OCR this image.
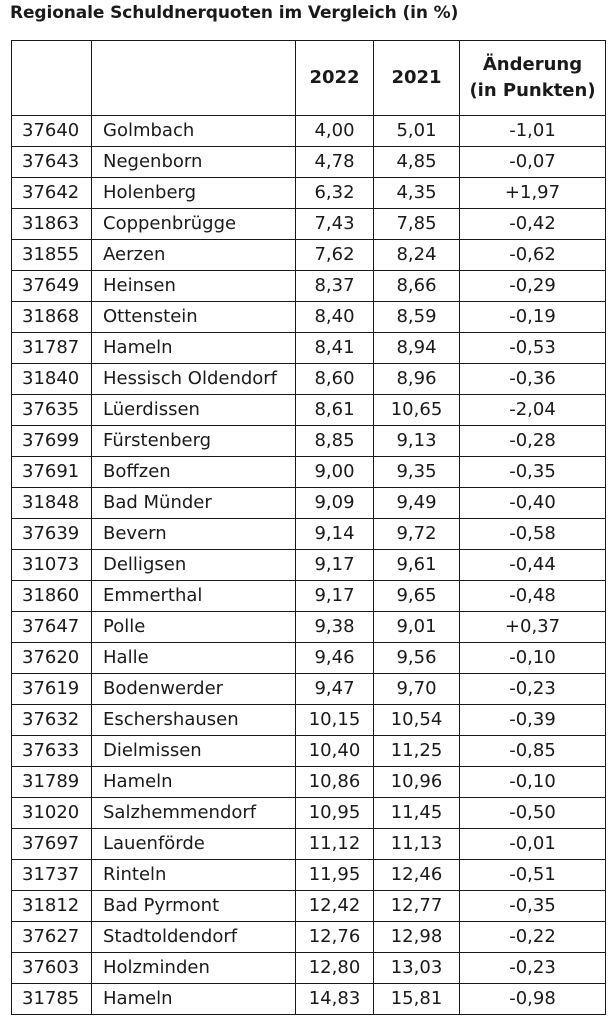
Regionale Schuldnerquoten im Vergleich (in %)
		2022	2021	Änderung
(in Punkten)
37640	Golmbach	4,00	5,01	-1,01
37643	Negenborn	4,78	4,85	-0,07
37642	Holenberg	6,32	4,35	+1,97
31863	Coppenbrügge	7,43	7,85	-0,42
31855	Aerzen	7,62	8,24	-0,62
37649	Heinsen	8,37	8,66	-0,29
31868	Ottenstein	8,40	8,59	-0,19
31787	Hameln	8,41	8,94	-0,53
31840	Hessisch Oldendorf	8,60	8,96	-0,36
37635	Lüerdissen	8,61	10,65	-2,04
37699	Fürstenberg	8,85	9,13	-0,28
37691	Boffzen	9,00	9,35	-0,35
31848	Bad Münder	9,09	9,49	-0,40
37639	Bevern	9,14	9,72	-0,58
31073	Delligsen	9,17	9,61	-0,44
31860	Emmerthal	9,17	9,65	-0,48
37647	Polle	9,38	9,01	+0,37
37620	Halle	9,46	9,56	-0,10
37619	Bodenwerder	9,47	9,70	-0,23
37632	Eschershausen	10,15	10,54	-0,39
37633	Dielmissen	10,40	11,25	-0,85
31789	Hameln	10,86	10,96	-0,10
31020	Salzhemmendorf	10,95	11,45	-0,50
37697	Lauenförde	11,12	11,13	-0,01
31737	Rinteln	11,95	12,46	-0,51
31812	Bad Pyrmont	12,42	12,77	-0,35
37627	Stadtoldendorf	12,76	12,98	-0,22
37603	Holzminden	12,80	13,03	-0,23
31785	Hameln	14,83	15,81	-0,98
